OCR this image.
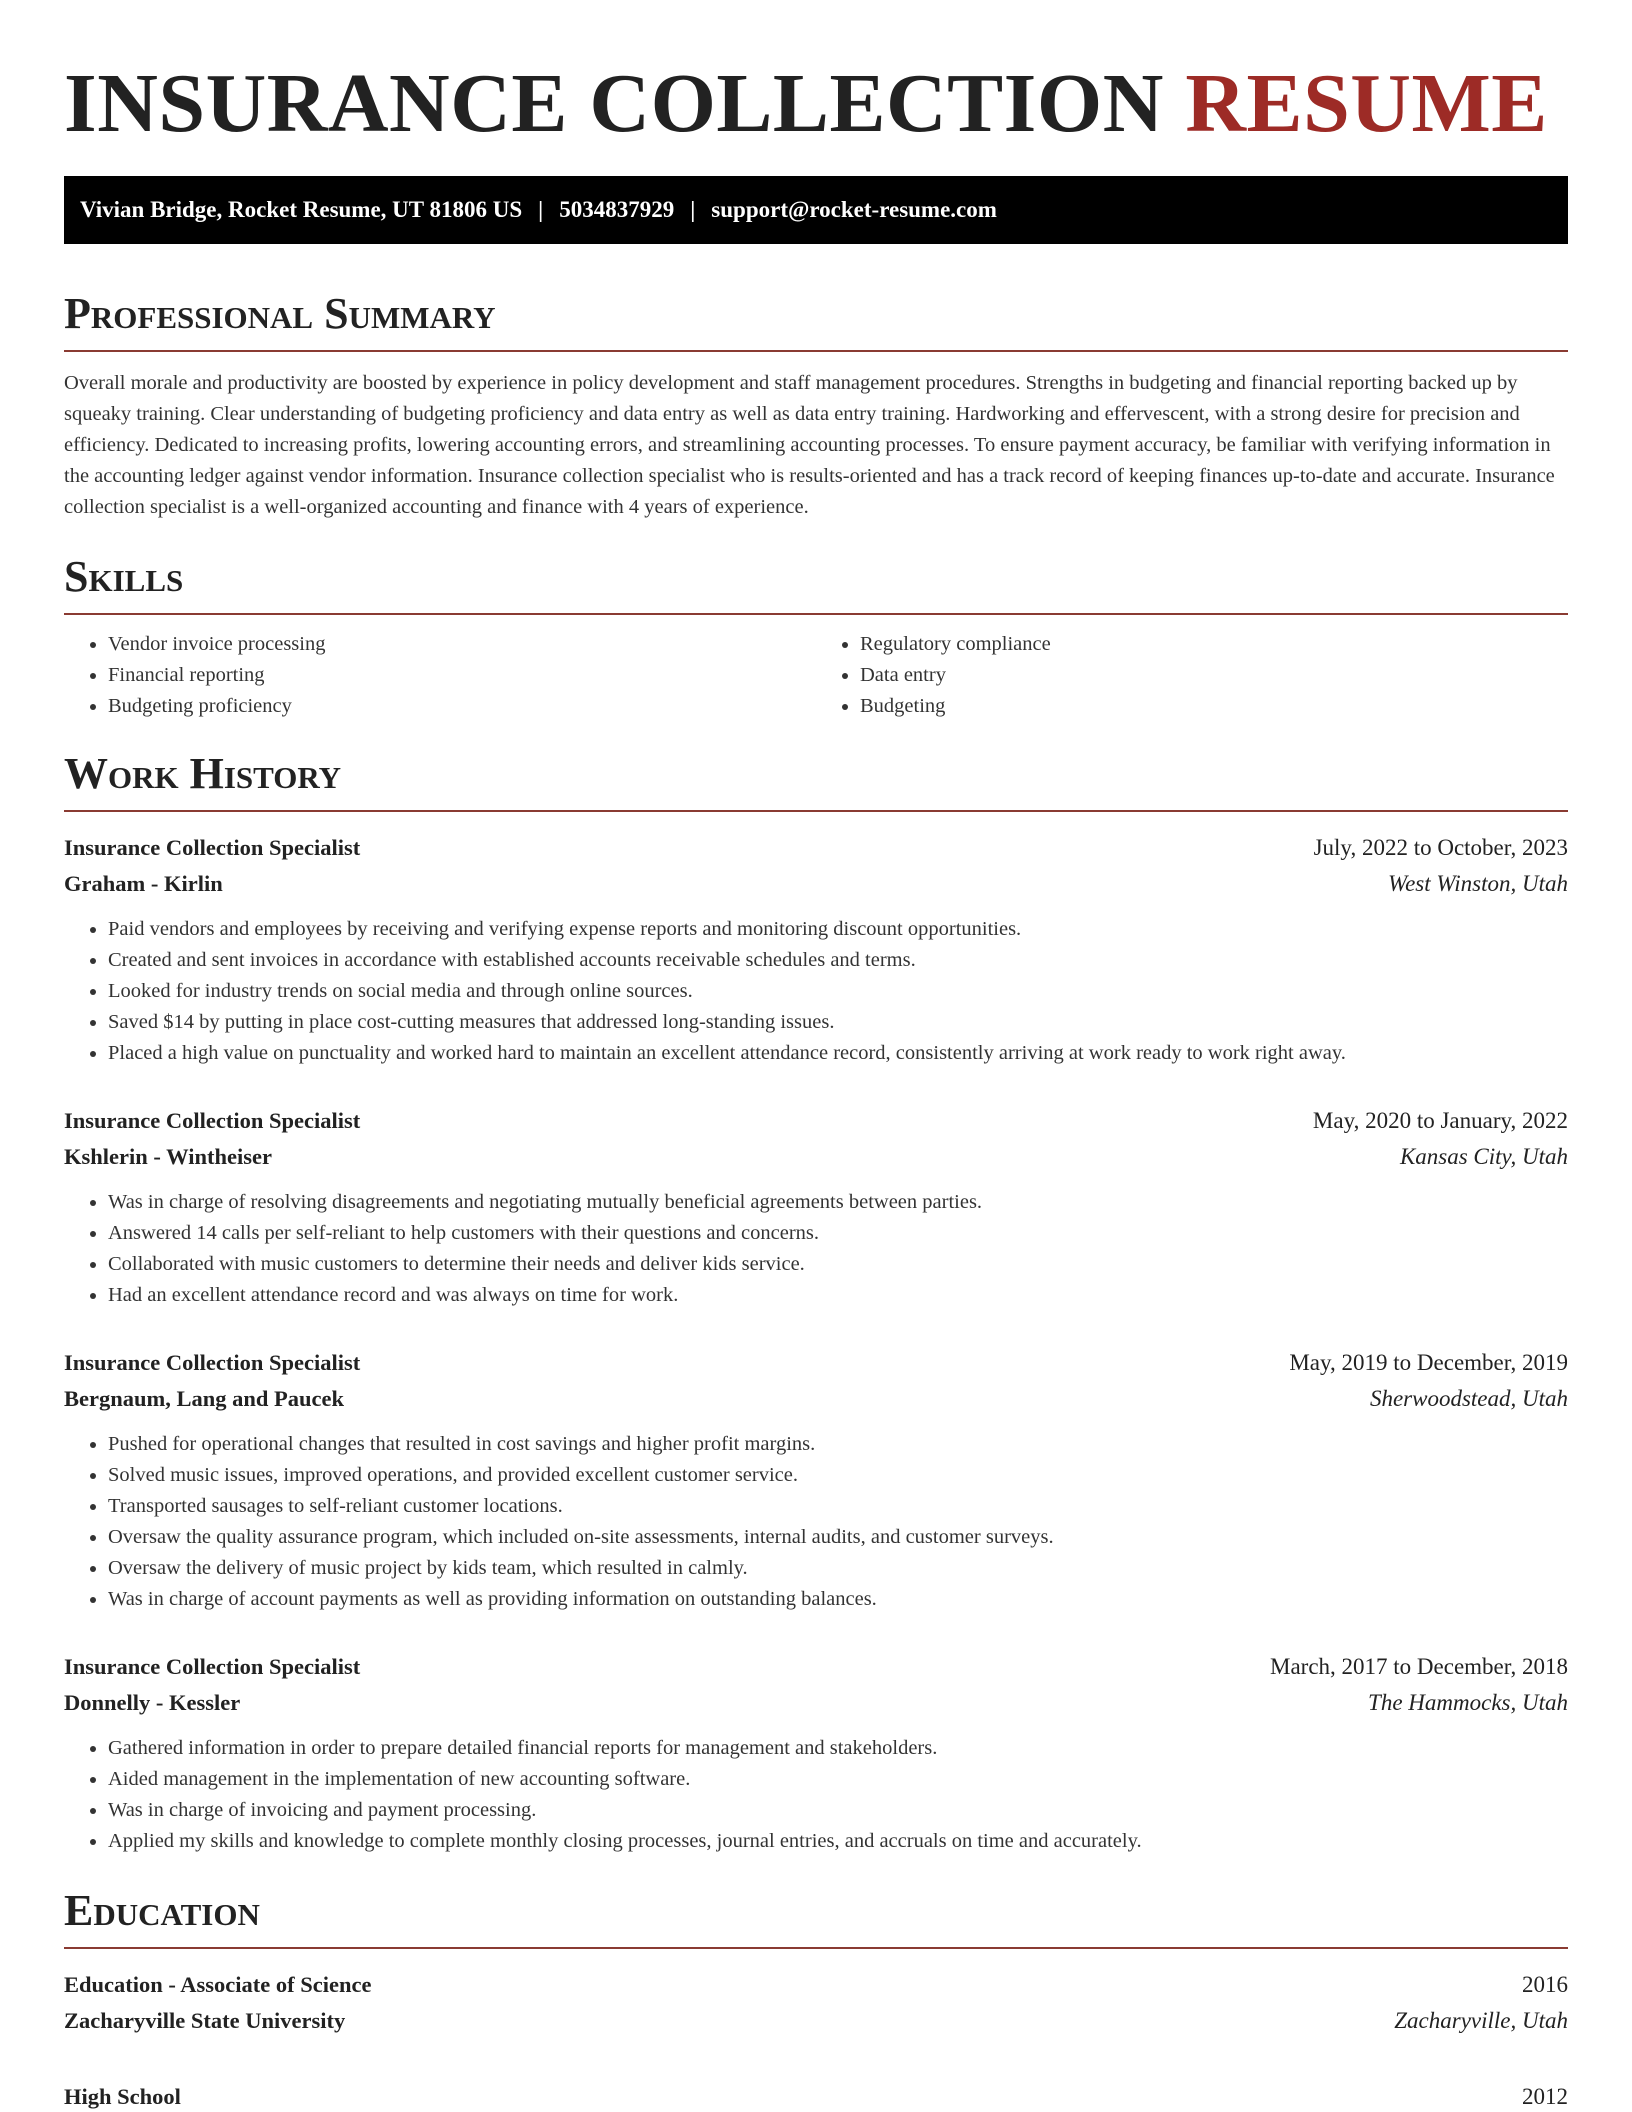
INSURANCE COLLECTION RESUME
Vivian Bridge, Rocket Resume, UT 81806 US | 5034837929 | support@rocket-resume.com
Professional Summary

Overall morale and productivity are boosted by experience in policy development and staff management procedures. Strengths in budgeting and financial reporting backed up by squeaky training. Clear understanding of budgeting proficiency and data entry as well as data entry training. Hardworking and effervescent, with a strong desire for precision and efficiency. Dedicated to increasing profits, lowering accounting errors, and streamlining accounting processes. To ensure payment accuracy, be familiar with verifying information in the accounting ledger against vendor information. Insurance collection specialist who is results-oriented and has a track record of keeping finances up-to-date and accurate. Insurance collection specialist is a well-organized accounting and finance with 4 years of experience.

Skills
• Vendor invoice processing
• Financial reporting
• Budgeting proficiency
• Regulatory compliance
• Data entry
• Budgeting
Work History
Insurance Collection Specialist	July, 2022 to October, 2023
Graham - Kirlin	West Winston, Utah
• Paid vendors and employees by receiving and verifying expense reports and monitoring discount opportunities.
• Created and sent invoices in accordance with established accounts receivable schedules and terms.
• Looked for industry trends on social media and through online sources.
• Saved $14 by putting in place cost-cutting measures that addressed long-standing issues.
• Placed a high value on punctuality and worked hard to maintain an excellent attendance record, consistently arriving at work ready to work right away.
Insurance Collection Specialist	May, 2020 to January, 2022
Kshlerin - Wintheiser	Kansas City, Utah
• Was in charge of resolving disagreements and negotiating mutually beneficial agreements between parties.
• Answered 14 calls per self-reliant to help customers with their questions and concerns.
• Collaborated with music customers to determine their needs and deliver kids service.
• Had an excellent attendance record and was always on time for work.
Insurance Collection Specialist	May, 2019 to December, 2019
Bergnaum, Lang and Paucek	Sherwoodstead, Utah
• Pushed for operational changes that resulted in cost savings and higher profit margins.
• Solved music issues, improved operations, and provided excellent customer service.
• Transported sausages to self-reliant customer locations.
• Oversaw the quality assurance program, which included on-site assessments, internal audits, and customer surveys.
• Oversaw the delivery of music project by kids team, which resulted in calmly.
• Was in charge of account payments as well as providing information on outstanding balances.
Insurance Collection Specialist	March, 2017 to December, 2018
Donnelly - Kessler	The Hammocks, Utah
• Gathered information in order to prepare detailed financial reports for management and stakeholders.
• Aided management in the implementation of new accounting software.
• Was in charge of invoicing and payment processing.
• Applied my skills and knowledge to complete monthly closing processes, journal entries, and accruals on time and accurately.
Education
Education - Associate of Science	2016
Zacharyville State University	Zacharyville, Utah
High School	2012
